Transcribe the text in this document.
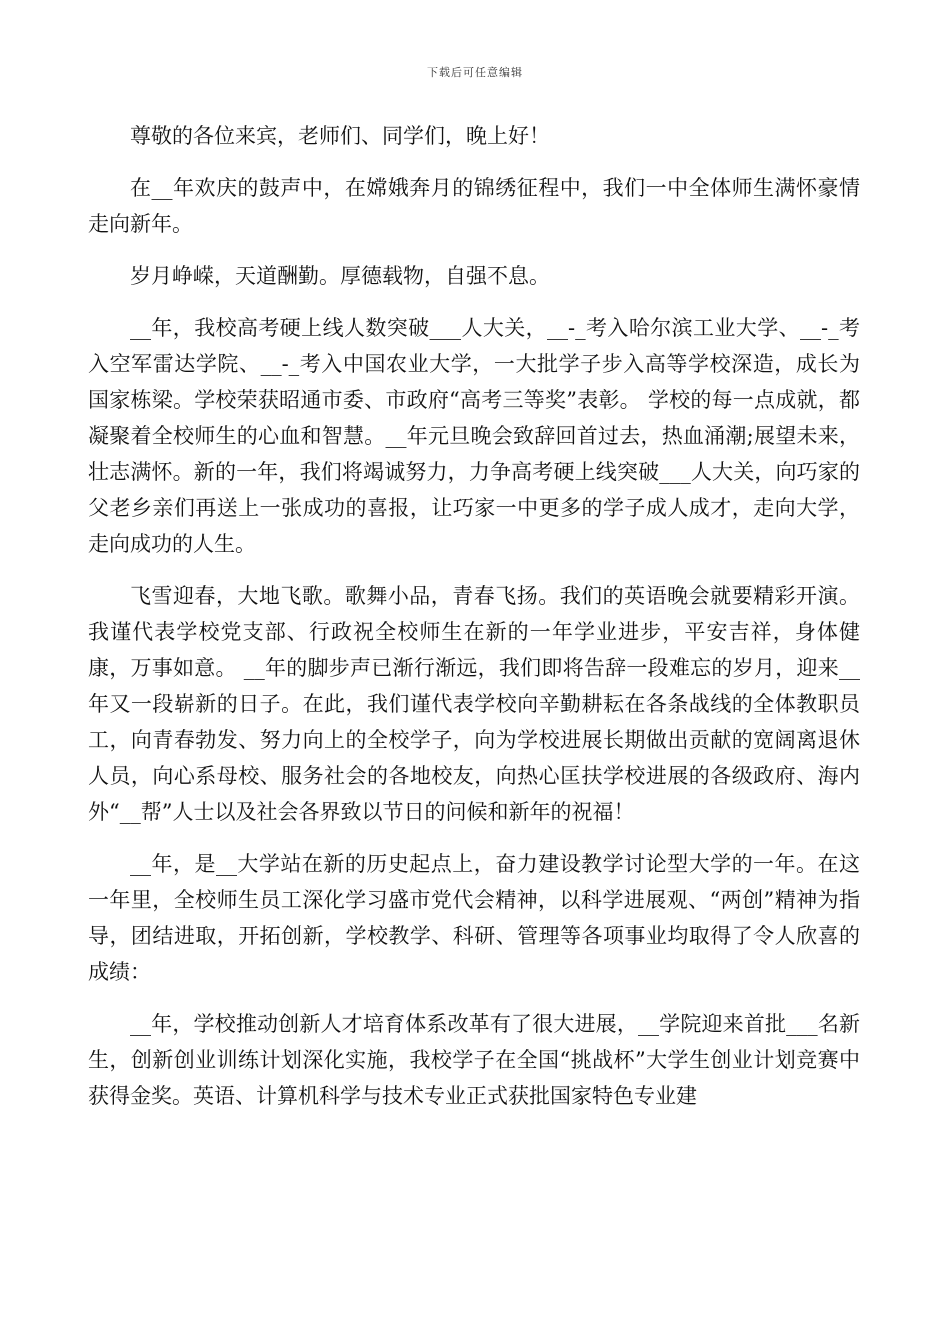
下载后可任意编辑

尊敬的各位来宾，老师们、同学们，晚上好！

在__年欢庆的鼓声中，在嫦娥奔月的锦绣征程中，我们一中全体师生满怀豪情走向新年。

岁月峥嵘，天道酬勤。厚德载物，自强不息。

__年，我校高考硬上线人数突破___人大关，__-_考入哈尔滨工业大学、__-_考入空军雷达学院、__-_考入中国农业大学，一大批学子步入高等学校深造，成长为国家栋梁。学校荣获昭通市委、市政府“高考三等奖”表彰。 学校的每一点成就，都凝聚着全校师生的心血和智慧。__年元旦晚会致辞回首过去，热血涌潮;展望未来，壮志满怀。新的一年，我们将竭诚努力，力争高考硬上线突破___人大关，向巧家的父老乡亲们再送上一张成功的喜报，让巧家一中更多的学子成人成才，走向大学，走向成功的人生。

飞雪迎春，大地飞歌。歌舞小品，青春飞扬。我们的英语晚会就要精彩开演。我谨代表学校党支部、行政祝全校师生在新的一年学业进步，平安吉祥，身体健康，万事如意。 __年的脚步声已渐行渐远，我们即将告辞一段难忘的岁月，迎来__年又一段崭新的日子。在此，我们谨代表学校向辛勤耕耘在各条战线的全体教职员工，向青春勃发、努力向上的全校学子，向为学校进展长期做出贡献的宽阔离退休人员，向心系母校、服务社会的各地校友，向热心匡扶学校进展的各级政府、海内外“__帮”人士以及社会各界致以节日的问候和新年的祝福！

__年，是__大学站在新的历史起点上，奋力建设教学讨论型大学的一年。在这一年里，全校师生员工深化学习盛市党代会精神，以科学进展观、“两创”精神为指导，团结进取，开拓创新，学校教学、科研、管理等各项事业均取得了令人欣喜的成绩：

__年，学校推动创新人才培育体系改革有了很大进展，__学院迎来首批___名新生，创新创业训练计划深化实施，我校学子在全国“挑战杯”大学生创业计划竞赛中获得金奖。英语、计算机科学与技术专业正式获批国家特色专业建
